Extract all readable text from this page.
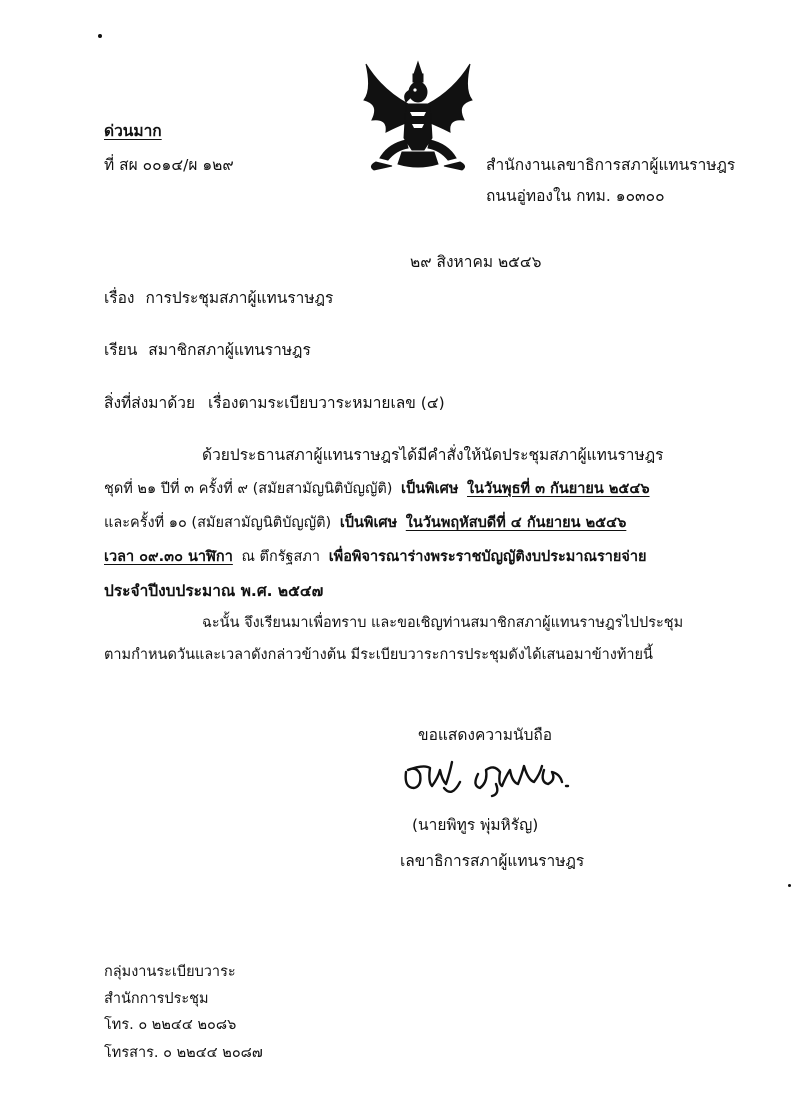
ด่วนมาก
ที่ สผ ๐๐๑๔/ผ ๑๒๙	สำนักงานเลขาธิการสภาผู้แทนราษฎร
ถนนอู่ทองใน กทม. ๑๐๓๐๐
๒๙ สิงหาคม ๒๕๔๖
เรื่อง การประชุมสภาผู้แทนราษฎร
เรียน สมาชิกสภาผู้แทนราษฎร
สิ่งที่ส่งมาด้วย เรื่องตามระเบียบวาระหมายเลข (๔)
ด้วยประธานสภาผู้แทนราษฎรได้มีคำสั่งให้นัดประชุมสภาผู้แทนราษฎร
ชุดที่ ๒๑ ปีที่ ๓ ครั้งที่ ๙ (สมัยสามัญนิติบัญญัติ) เป็นพิเศษ ในวันพุธที่ ๓ กันยายน ๒๕๔๖
และครั้งที่ ๑๐ (สมัยสามัญนิติบัญญัติ) เป็นพิเศษ ในวันพฤหัสบดีที่ ๔ กันยายน ๒๕๔๖
เวลา ๐๙.๓๐ นาฬิกา ณ ตึกรัฐสภา เพื่อพิจารณาร่างพระราชบัญญัติงบประมาณรายจ่าย
ประจำปีงบประมาณ พ.ศ. ๒๕๔๗
ฉะนั้น จึงเรียนมาเพื่อทราบ และขอเชิญท่านสมาชิกสภาผู้แทนราษฎรไปประชุม
ตามกำหนดวันและเวลาดังกล่าวข้างต้น มีระเบียบวาระการประชุมดังได้เสนอมาข้างท้ายนี้
ขอแสดงความนับถือ
(นายพิทูร พุ่มหิรัญ)
เลขาธิการสภาผู้แทนราษฎร
กลุ่มงานระเบียบวาระ
สำนักการประชุม
โทร. ๐ ๒๒๔๔ ๒๐๘๖
โทรสาร. ๐ ๒๒๔๔ ๒๐๘๗
